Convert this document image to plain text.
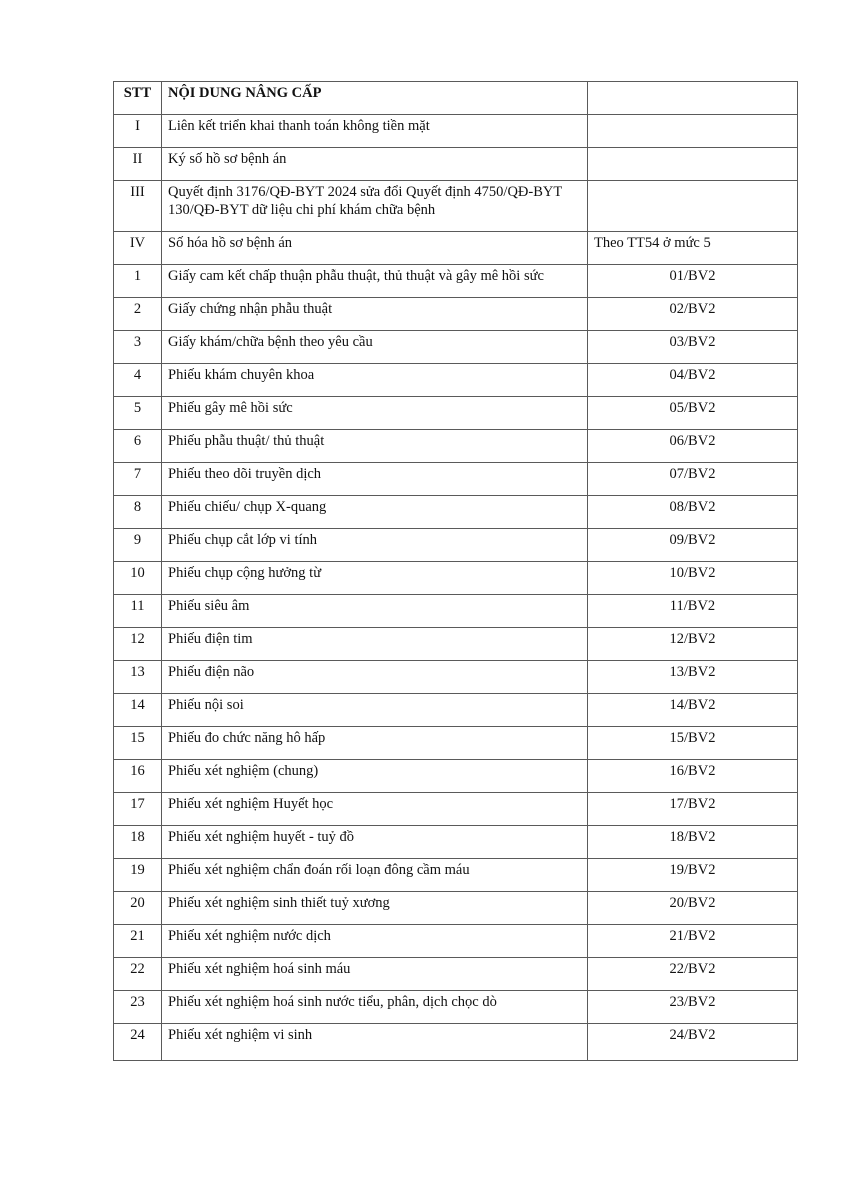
STT	NỘI DUNG NÂNG CẤP	
I	Liên kết triển khai thanh toán không tiền mặt	
II	Ký số hồ sơ bệnh án	
III	Quyết định 3176/QĐ-BYT 2024 sửa đổi Quyết định 4750/QĐ-BYT 130/QĐ-BYT dữ liệu chi phí khám chữa bệnh	
IV	Số hóa hồ sơ bệnh án	Theo TT54 ở mức 5
1	Giấy cam kết chấp thuận phẫu thuật, thủ thuật và gây mê hồi sức	01/BV2
2	Giấy chứng nhận phẫu thuật	02/BV2
3	Giấy khám/chữa bệnh theo yêu cầu	03/BV2
4	Phiếu khám chuyên khoa	04/BV2
5	Phiếu gây mê hồi sức	05/BV2
6	Phiếu phẫu thuật/ thủ thuật	06/BV2
7	Phiếu theo dõi truyền dịch	07/BV2
8	Phiếu chiếu/ chụp X-quang	08/BV2
9	Phiếu chụp cắt lớp vi tính	09/BV2
10	Phiếu chụp cộng hưởng từ	10/BV2
11	Phiếu siêu âm	11/BV2
12	Phiếu điện tim	12/BV2
13	Phiếu điện não	13/BV2
14	Phiếu nội soi	14/BV2
15	Phiếu đo chức năng hô hấp	15/BV2
16	Phiếu xét nghiệm (chung)	16/BV2
17	Phiếu xét nghiệm Huyết học	17/BV2
18	Phiếu xét nghiệm huyết - tuỷ đồ	18/BV2
19	Phiếu xét nghiệm chẩn đoán rối loạn đông cầm máu	19/BV2
20	Phiếu xét nghiệm sinh thiết tuỷ xương	20/BV2
21	Phiếu xét nghiệm nước dịch	21/BV2
22	Phiếu xét nghiệm hoá sinh máu	22/BV2
23	Phiếu xét nghiệm hoá sinh nước tiểu, phân, dịch chọc dò	23/BV2
24	Phiếu xét nghiệm vi sinh	24/BV2
